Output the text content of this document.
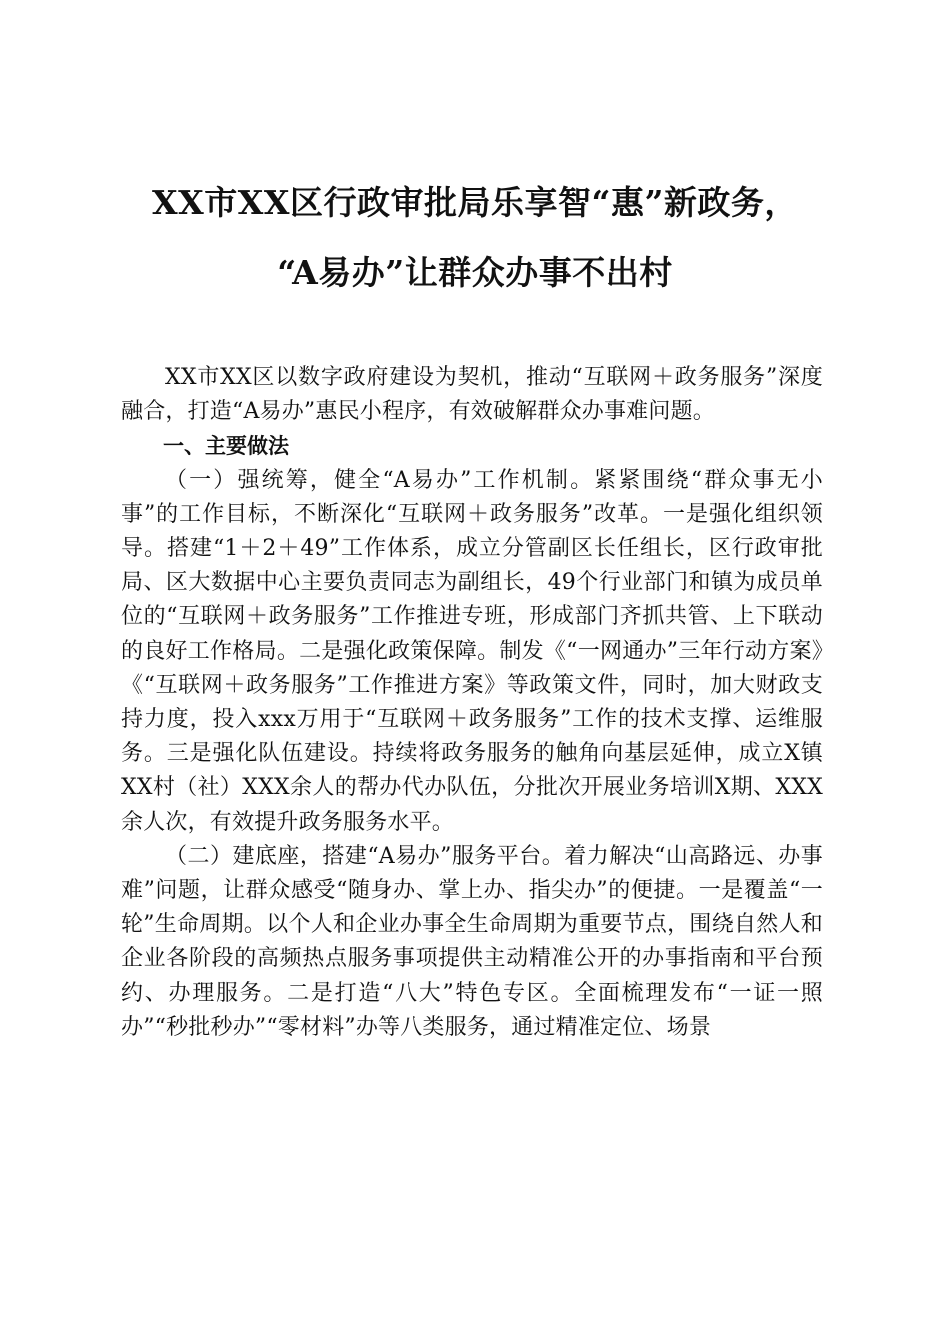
XX市XX区行政审批局乐享智“惠”新政务，
“A易办”让群众办事不出村

XX市XX区以数字政府建设为契机，推动“互联网＋政务服务”深度融合，打造“A易办”惠民小程序，有效破解群众办事难问题。

一、主要做法

（一）强统筹，健全“A易办”工作机制。紧紧围绕“群众事无小事”的工作目标，不断深化“互联网＋政务服务”改革。一是强化组织领导。搭建“1＋2＋49”工作体系，成立分管副区长任组长，区行政审批局、区大数据中心主要负责同志为副组长，49个行业部门和镇为成员单位的“互联网＋政务服务”工作推进专班，形成部门齐抓共管、上下联动的良好工作格局。二是强化政策保障。制发《“一网通办”三年行动方案》《“互联网＋政务服务”工作推进方案》等政策文件，同时，加大财政支持力度，投入xxx万用于“互联网＋政务服务”工作的技术支撑、运维服务。三是强化队伍建设。持续将政务服务的触角向基层延伸，成立X镇XX村（社）XXX余人的帮办代办队伍，分批次开展业务培训X期、XXX余人次，有效提升政务服务水平。

（二）建底座，搭建“A易办”服务平台。着力解决“山高路远、办事难”问题，让群众感受“随身办、掌上办、指尖办”的便捷。一是覆盖“一轮”生命周期。以个人和企业办事全生命周期为重要节点，围绕自然人和企业各阶段的高频热点服务事项提供主动精准公开的办事指南和平台预约、办理服务。二是打造“八大”特色专区。全面梳理发布“一证一照办”“秒批秒办”“零材料”办等八类服务，通过精准定位、场景
